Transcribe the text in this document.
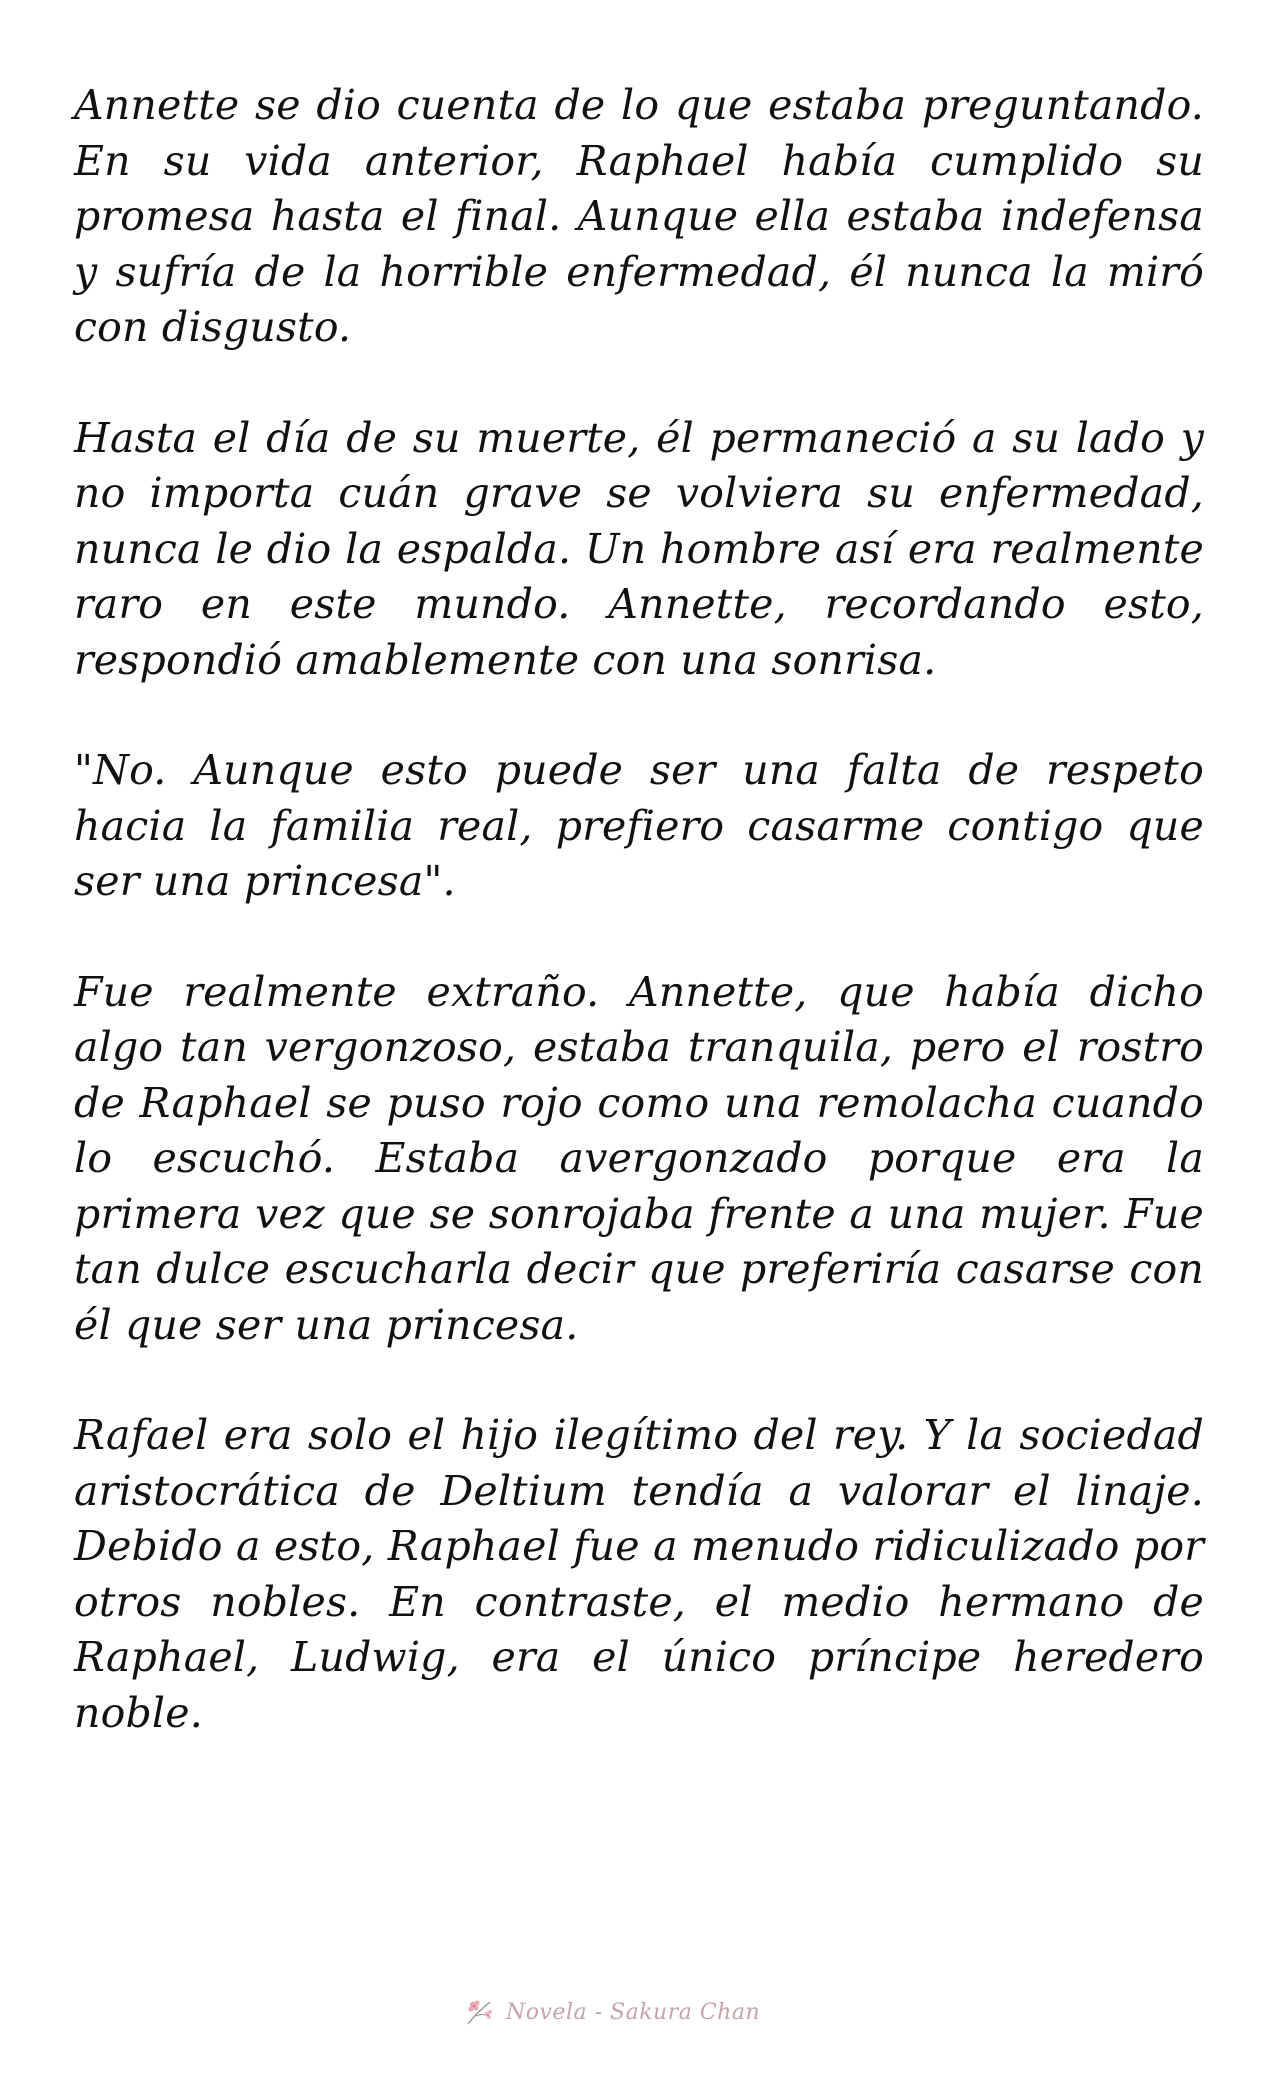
Annette se dio cuenta de lo que estaba preguntando. En su vida anterior, Raphael había cumplido su promesa hasta el final. Aunque ella estaba indefensa y sufría de la horrible enfermedad, él nunca la miró con disgusto.

Hasta el día de su muerte, él permaneció a su lado y no importa cuán grave se volviera su enfermedad, nunca le dio la espalda. Un hombre así era realmente raro en este mundo. Annette, recordando esto, respondió amablemente con una sonrisa.

"No. Aunque esto puede ser una falta de respeto hacia la familia real, prefiero casarme contigo que ser una princesa".

Fue realmente extraño. Annette, que había dicho algo tan vergonzoso, estaba tranquila, pero el rostro de Raphael se puso rojo como una remolacha cuando lo escuchó. Estaba avergonzado porque era la primera vez que se sonrojaba frente a una mujer. Fue tan dulce escucharla decir que preferiría casarse con él que ser una princesa.

Rafael era solo el hijo ilegítimo del rey. Y la sociedad aristocrática de Deltium tendía a valorar el linaje. Debido a esto, Raphael fue a menudo ridiculizado por otros nobles. En contraste, el medio hermano de Raphael, Ludwig, era el único príncipe heredero noble.

Novela - Sakura Chan
